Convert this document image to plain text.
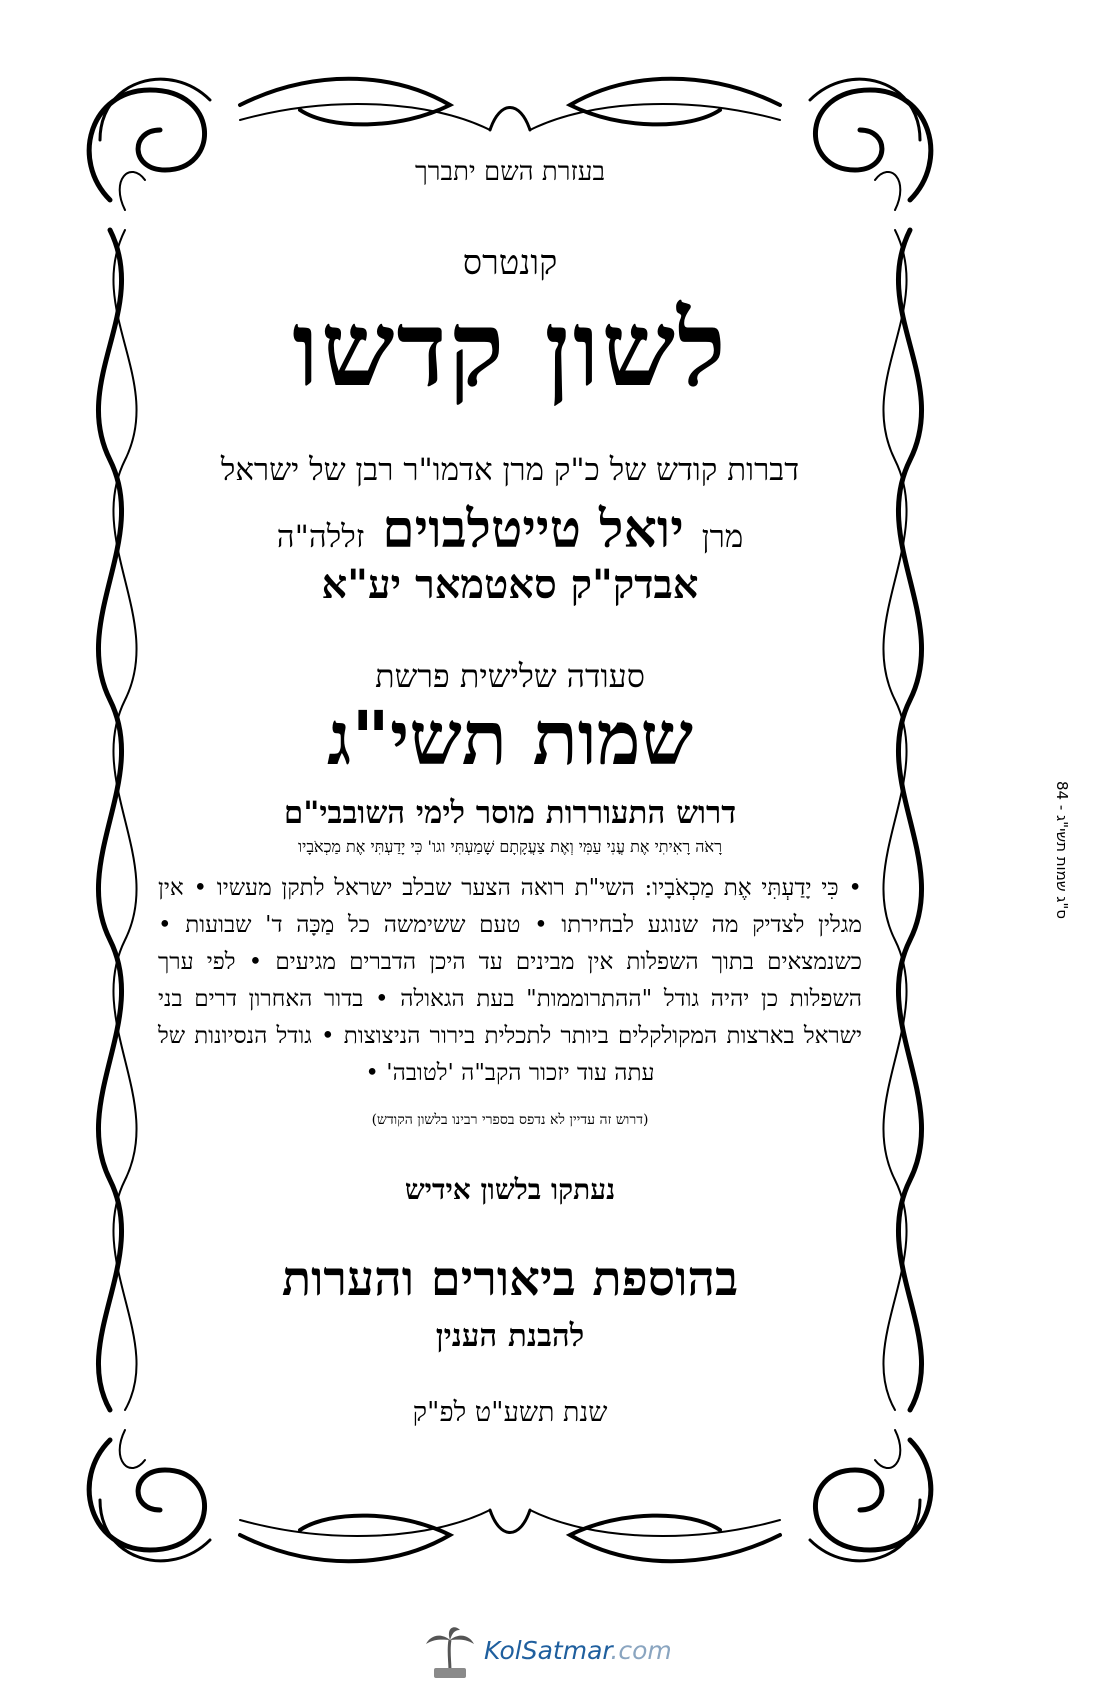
בעזרת השם יתברך
קונטרס
לשון קדשו
דברות קודש של כ"ק מרן אדמו"ר רבן של ישראל
מרן יואל טייטלבוים זללה"ה
אבדק"ק סאטמאר יע"א
סעודה שלישית פרשת
שמות תשי"ג
דרוש התעוררות מוסר לימי השובבי"ם
רָאֹה רָאִיתִי אֶת עֳנִי עַמִּי וְאֶת צַעֲקָתָם שָׁמַעְתִּי וגו' כִּי יָדַעְתִּי אֶת מַכְאֹבָיו
• כִּי יָדַעְתִּי אֶת מַכְאֹבָיו: השי"ת רואה הצער שבלב ישראל לתקן מעשיו • אין מגלין לצדיק מה שנוגע לבחירתו • טעם ששימשה כל מַכָּה ד' שבועות • כשנמצאים בתוך השפלות אין מבינים עד היכן הדברים מגיעים • לפי ערך השפלות כן יהיה גודל "ההתרוממות" בעת הגאולה • בדור האחרון דרים בני ישראל בארצות המקולקלים ביותר לתכלית בירור הניצוצות • גודל הנסיונות של עתה עוד יזכור הקב"ה 'לטובה' •
(דרוש זה עדיין לא נדפס בספרי רבינו בלשון הקודש)
נעתקו בלשון אידיש
בהוספת ביאורים והערות
להבנת הענין
שנת תשע"ט לפ"ק
ס"ג שמות תשי"ג - 84
KolSatmar.com
